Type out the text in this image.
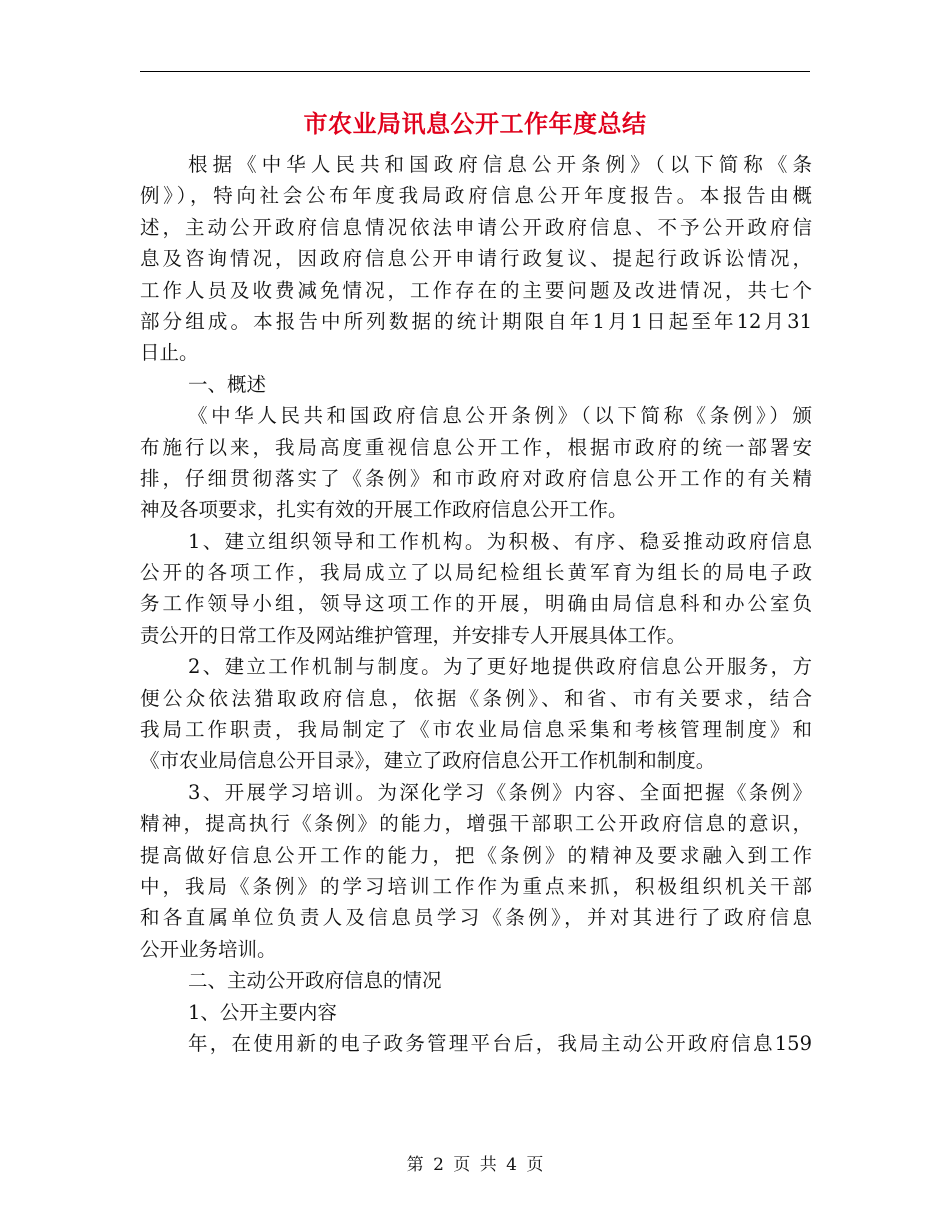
市农业局讯息公开工作年度总结
根据《中华人民共和国政府信息公开条例》（以下简称《条
例》），特向社会公布年度我局政府信息公开年度报告。本报告由概
述，主动公开政府信息情况依法申请公开政府信息、不予公开政府信
息及咨询情况，因政府信息公开申请行政复议、提起行政诉讼情况，
工作人员及收费减免情况，工作存在的主要问题及改进情况，共七个
部分组成。本报告中所列数据的统计期限自年1月1日起至年12月31
日止。
一、概述
《中华人民共和国政府信息公开条例》（以下简称《条例》）颁
布施行以来，我局高度重视信息公开工作，根据市政府的统一部署安
排，仔细贯彻落实了《条例》和市政府对政府信息公开工作的有关精
神及各项要求，扎实有效的开展工作政府信息公开工作。
1、建立组织领导和工作机构。为积极、有序、稳妥推动政府信息
公开的各项工作，我局成立了以局纪检组长黄军育为组长的局电子政
务工作领导小组，领导这项工作的开展，明确由局信息科和办公室负
责公开的日常工作及网站维护管理，并安排专人开展具体工作。
2、建立工作机制与制度。为了更好地提供政府信息公开服务，方
便公众依法猎取政府信息，依据《条例》、和省、市有关要求，结合
我局工作职责，我局制定了《市农业局信息采集和考核管理制度》和
《市农业局信息公开目录》，建立了政府信息公开工作机制和制度。
3、开展学习培训。为深化学习《条例》内容、全面把握《条例》
精神，提高执行《条例》的能力，增强干部职工公开政府信息的意识，
提高做好信息公开工作的能力，把《条例》的精神及要求融入到工作
中，我局《条例》的学习培训工作作为重点来抓，积极组织机关干部
和各直属单位负责人及信息员学习《条例》，并对其进行了政府信息
公开业务培训。
二、主动公开政府信息的情况
1、公开主要内容
年，在使用新的电子政务管理平台后，我局主动公开政府信息159
第 2 页 共 4 页
